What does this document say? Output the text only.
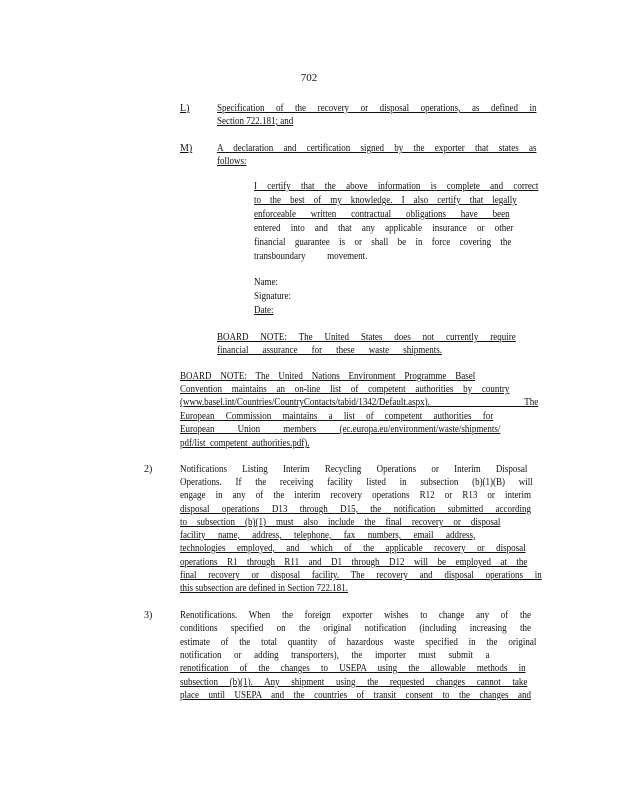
702
L)	Specification of the recovery or disposal operations, as defined in
Section 722.181; and
M) A declaration and certification signed by the exporter that states as
follows:
I certify that the above information is complete and correct
to the best of my knowledge. I also certify that legally
enforceable written contractual obligations have been
entered into and that any applicable insurance or other
financial guarantee is or shall be in force covering the
transboundary movement.
Name:
Signature:
Date:
BOARD NOTE: The United States does not currently require
financial assurance for these waste shipments.
BOARD NOTE: The United Nations Environment Programme Basel
Convention maintains an on-line list of competent authorities by country
(www.basel.int/Countries/CountryContacts/tabid/1342/Default.aspx). The
European Commission maintains a list of competent authorities for
European Union members (ec.europa.eu/environment/waste/shipments/
pdf/list_competent_authorities.pdf).
2)	Notifications Listing Interim Recycling Operations or Interim Disposal
Operations. If the receiving facility listed in subsection (b)(1)(B) will
engage in any of the interim recovery operations R12 or R13 or interim
disposal operations D13 through D15, the notification submitted according
to subsection (b)(1) must also include the final recovery or disposal
facility name, address, telephone, fax numbers, email address,
technologies employed, and which of the applicable recovery or disposal
operations R1 through R11 and D1 through D12 will be employed at the
final recovery or disposal facility. The recovery and disposal operations in
this subsection are defined in Section 722.181.
3)	Renotifications. When the foreign exporter wishes to change any of the
conditions specified on the original notification (including increasing the
estimate of the total quantity of hazardous waste specified in the original
notification or adding transporters), the importer must submit a
renotification of the changes to USEPA using the allowable methods in
subsection (b)(1). Any shipment using the requested changes cannot take
place until USEPA and the countries of transit consent to the changes and
